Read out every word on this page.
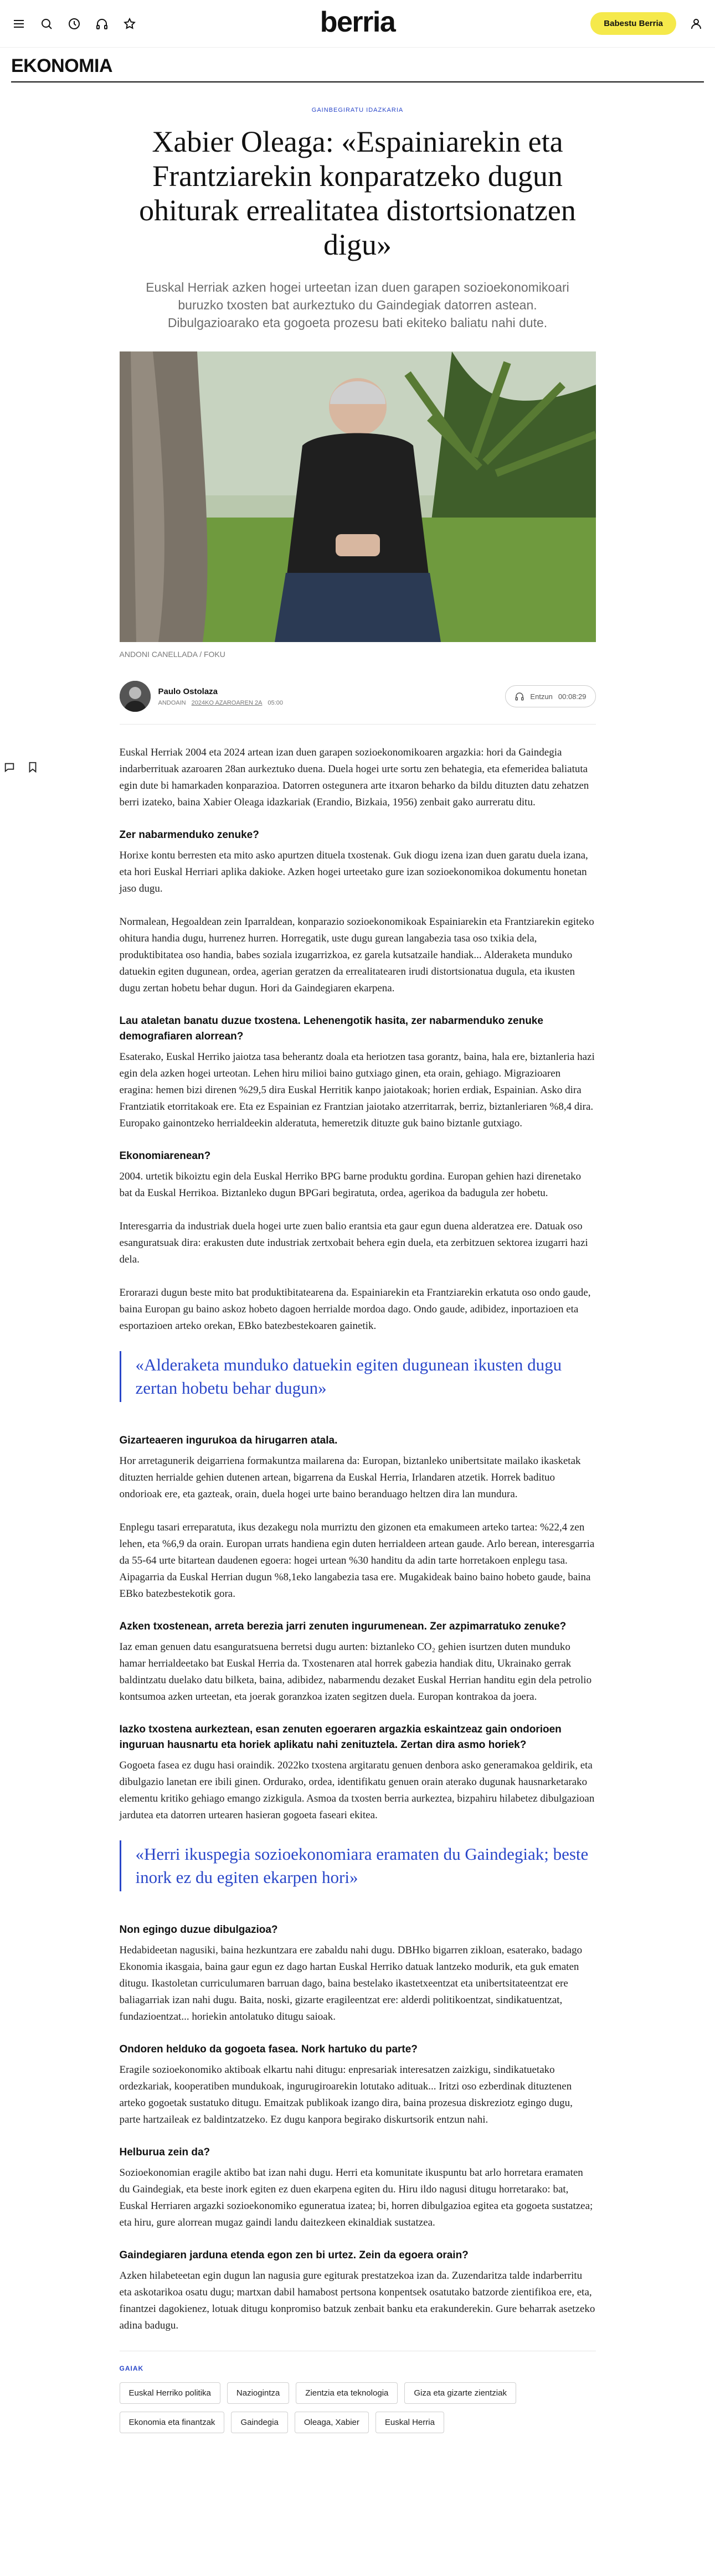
berria	Babestu Berria
EKONOMIA
GAINBEGIRATU IDAZKARIA
Xabier Oleaga: «Espainiarekin eta Frantziarekin konparatzeko dugun ohiturak errealitatea distortsionatzen digu»

Euskal Herriak azken hogei urteetan izan duen garapen sozioekonomikoari buruzko txosten bat aurkeztuko du Gaindegiak datorren astean. Dibulgazioarako eta gogoeta prozesu bati ekiteko baliatu nahi dute.

ANDONI CANELLADA / FOKU
Paulo Ostolaza
ANDOAIN 2024KO AZAROAREN 2A 05:00
Entzun 00:08:29

Euskal Herriak 2004 eta 2024 artean izan duen garapen sozioekonomikoaren argazkia: hori da Gaindegia indarberrituak azaroaren 28an aurkeztuko duena. Duela hogei urte sortu zen behategia, eta efemeridea baliatuta egin dute bi hamarkaden konparazioa. Datorren ostegunera arte itxaron beharko da bildu dituzten datu zehatzen berri izateko, baina Xabier Oleaga idazkariak (Erandio, Bizkaia, 1956) zenbait gako aurreratu ditu.

Zer nabarmenduko zenuke?

Horixe kontu berresten eta mito asko apurtzen dituela txostenak. Guk diogu izena izan duen garatu duela izana, eta hori Euskal Herriari aplika dakioke. Azken hogei urteetako gure izan sozioekonomikoa dokumentu honetan jaso dugu.

Normalean, Hegoaldean zein Iparraldean, konparazio sozioekonomikoak Espainiarekin eta Frantziarekin egiteko ohitura handia dugu, hurrenez hurren. Horregatik, uste dugu gurean langabezia tasa oso txikia dela, produktibitatea oso handia, babes soziala izugarrizkoa, ez garela kutsatzaile handiak... Alderaketa munduko datuekin egiten dugunean, ordea, agerian geratzen da errealitatearen irudi distortsionatua dugula, eta ikusten dugu zertan hobetu behar dugun. Hori da Gaindegiaren ekarpena.

Lau ataletan banatu duzue txostena. Lehenengotik hasita, zer nabarmenduko zenuke demografiaren alorrean?

Esaterako, Euskal Herriko jaiotza tasa beherantz doala eta heriotzen tasa gorantz, baina, hala ere, biztanleria hazi egin dela azken hogei urteotan. Lehen hiru milioi baino gutxiago ginen, eta orain, gehiago. Migrazioaren eragina: hemen bizi direnen %29,5 dira Euskal Herritik kanpo jaiotakoak; horien erdiak, Espainian. Asko dira Frantziatik etorritakoak ere. Eta ez Espainian ez Frantzian jaiotako atzerritarrak, berriz, biztanleriaren %8,4 dira. Europako gainontzeko herrialdeekin alderatuta, hemeretzik dituzte guk baino biztanle gutxiago.

Ekonomiarenean?

2004. urtetik bikoiztu egin dela Euskal Herriko BPG barne produktu gordina. Europan gehien hazi direnetako bat da Euskal Herrikoa. Biztanleko dugun BPGari begiratuta, ordea, agerikoa da badugula zer hobetu.

Interesgarria da industriak duela hogei urte zuen balio erantsia eta gaur egun duena alderatzea ere. Datuak oso esanguratsuak dira: erakusten dute industriak zertxobait behera egin duela, eta zerbitzuen sektorea izugarri hazi dela.

Erorarazi dugun beste mito bat produktibitatearena da. Espainiarekin eta Frantziarekin erkatuta oso ondo gaude, baina Europan gu baino askoz hobeto dagoen herrialde mordoa dago. Ondo gaude, adibidez, inportazioen eta esportazioen arteko orekan, EBko batezbestekoaren gainetik.

«Alderaketa munduko datuekin egiten dugunean ikusten dugu zertan hobetu behar dugun»
Gizarteaeren ingurukoa da hirugarren atala.

Hor arretagunerik deigarriena formakuntza mailarena da: Europan, biztanleko unibertsitate mailako ikasketak dituzten herrialde gehien dutenen artean, bigarrena da Euskal Herria, Irlandaren atzetik. Horrek badituo ondorioak ere, eta gazteak, orain, duela hogei urte baino beranduago heltzen dira lan mundura.

Enplegu tasari erreparatuta, ikus dezakegu nola murriztu den gizonen eta emakumeen arteko tartea: %22,4 zen lehen, eta %6,9 da orain. Europan urrats handiena egin duten herrialdeen artean gaude. Arlo berean, interesgarria da 55-64 urte bitartean daudenen egoera: hogei urtean %30 handitu da adin tarte horretakoen enplegu tasa. Aipagarria da Euskal Herrian dugun %8,1eko langabezia tasa ere. Mugakideak baino baino hobeto gaude, baina EBko batezbestekotik gora.

Azken txostenean, arreta berezia jarri zenuten ingurumenean. Zer azpimarratuko zenuke?

Iaz eman genuen datu esanguratsuena berretsi dugu aurten: biztanleko CO₂ gehien isurtzen duten munduko hamar herrialdeetako bat Euskal Herria da. Txostenaren atal horrek gabezia handiak ditu, Ukrainako gerrak baldintzatu duelako datu bilketa, baina, adibidez, nabarmendu dezaket Euskal Herrian handitu egin dela petrolio kontsumoa azken urteetan, eta joerak goranzkoa izaten segitzen duela. Europan kontrakoa da joera.

Iazko txostena aurkeztean, esan zenuten egoeraren argazkia eskaintzeaz gain ondorioen inguruan hausnartu eta horiek aplikatu nahi zenituztela. Zertan dira asmo horiek?

Gogoeta fasea ez dugu hasi oraindik. 2022ko txostena argitaratu genuen denbora asko generamakoa geldirik, eta dibulgazio lanetan ere ibili ginen. Ordurako, ordea, identifikatu genuen orain aterako dugunak hausnarketarako elementu kritiko gehiago emango zizkigula. Asmoa da txosten berria aurkeztea, bizpahiru hilabetez dibulgazioan jardutea eta datorren urtearen hasieran gogoeta faseari ekitea.

«Herri ikuspegia sozioekonomiara eramaten du Gaindegiak; beste inork ez du egiten ekarpen hori»
Non egingo duzue dibulgazioa?

Hedabideetan nagusiki, baina hezkuntzara ere zabaldu nahi dugu. DBHko bigarren zikloan, esaterako, badago Ekonomia ikasgaia, baina gaur egun ez dago hartan Euskal Herriko datuak lantzeko modurik, eta guk ematen ditugu. Ikastoletan curriculumaren barruan dago, baina bestelako ikastetxeentzat eta unibertsitateentzat ere baliagarriak izan nahi dugu. Baita, noski, gizarte eragileentzat ere: alderdi politikoentzat, sindikatuentzat, fundazioentzat... horiekin antolatuko ditugu saioak.

Ondoren helduko da gogoeta fasea. Nork hartuko du parte?

Eragile sozioekonomiko aktiboak elkartu nahi ditugu: enpresariak interesatzen zaizkigu, sindikatuetako ordezkariak, kooperatiben mundukoak, ingurugiroarekin lotutako adituak... Iritzi oso ezberdinak dituztenen arteko gogoetak sustatuko ditugu. Emaitzak publikoak izango dira, baina prozesua diskreziotz egingo dugu, parte hartzaileak ez baldintzatzeko. Ez dugu kanpora begirako diskurtsorik entzun nahi.

Helburua zein da?

Sozioekonomian eragile aktibo bat izan nahi dugu. Herri eta komunitate ikuspuntu bat arlo horretara eramaten du Gaindegiak, eta beste inork egiten ez duen ekarpena egiten du. Hiru ildo nagusi ditugu horretarako: bat, Euskal Herriaren argazki sozioekonomiko eguneratua izatea; bi, horren dibulgazioa egitea eta gogoeta sustatzea; eta hiru, gure alorrean mugaz gaindi landu daitezkeen ekinaldiak sustatzea.

Gaindegiaren jarduna etenda egon zen bi urtez. Zein da egoera orain?

Azken hilabeteetan egin dugun lan nagusia gure egiturak prestatzekoa izan da. Zuzendaritza talde indarberritu eta askotarikoa osatu dugu; martxan dabil hamabost pertsona konpentsek osatutako batzorde zientifikoa ere, eta, finantzei dagokienez, lotuak ditugu konpromiso batzuk zenbait banku eta erakunderekin. Gure beharrak asetzeko adina badugu.

GAIAK
Euskal Herriko politika	Naziogintza	Zientzia eta teknologia	Giza eta gizarte zientziak
Ekonomia eta finantzak	Gaindegia	Oleaga, Xabier	Euskal Herria
